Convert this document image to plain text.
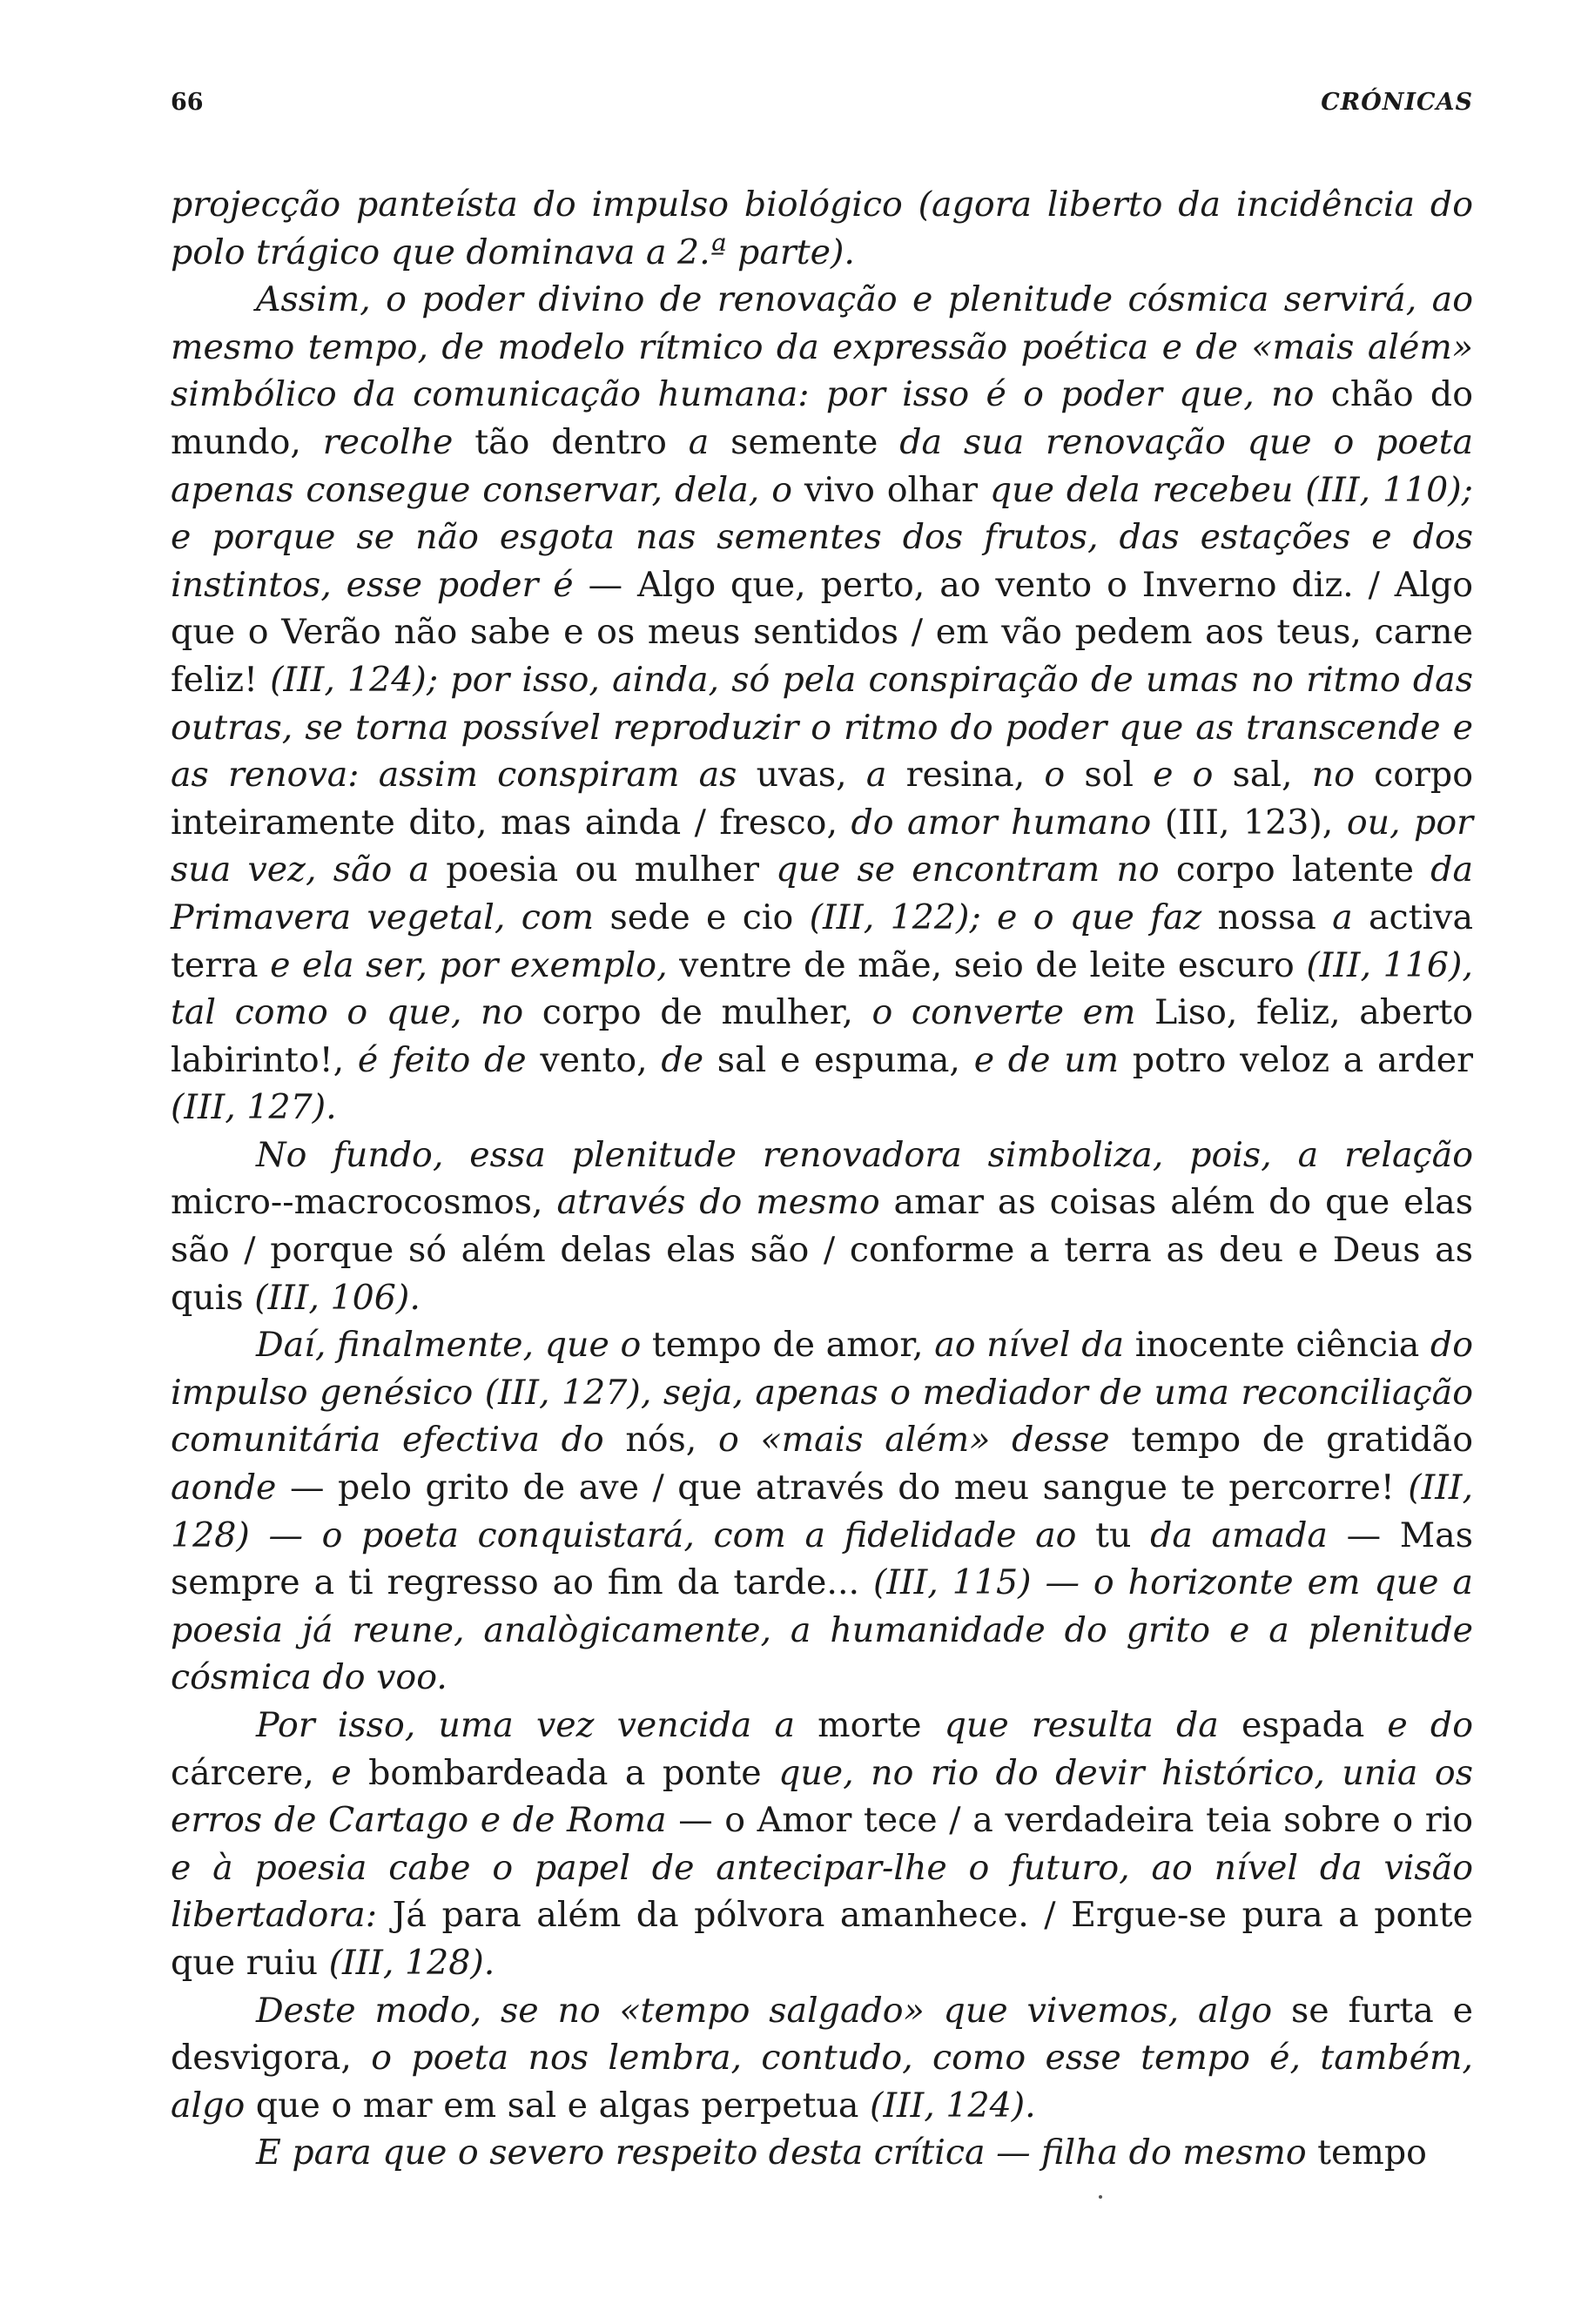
66	CRÓNICAS

projecção panteísta do impulso biológico (agora liberto da incidência do polo trágico que dominava a 2.ª parte).

Assim, o poder divino de renovação e plenitude cósmica servirá, ao mesmo tempo, de modelo rítmico da expressão poética e de «mais além» simbólico da comunicação humana: por isso é o poder que, no chão do mundo, recolhe tão dentro a semente da sua renovação que o poeta apenas consegue conservar, dela, o vivo olhar que dela recebeu (III, 110); e porque se não esgota nas sementes dos frutos, das estações e dos instintos, esse poder é — Algo que, perto, ao vento o Inverno diz. / Algo que o Verão não sabe e os meus sentidos / em vão pedem aos teus, carne feliz! (III, 124); por isso, ainda, só pela conspiração de umas no ritmo das outras, se torna possível reproduzir o ritmo do poder que as transcende e as renova: assim conspiram as uvas, a resina, o sol e o sal, no corpo inteiramente dito, mas ainda / fresco, do amor humano (III, 123), ou, por sua vez, são a poesia ou mulher que se encontram no corpo latente da Primavera vegetal, com sede e cio (III, 122); e o que faz nossa a activa terra e ela ser, por exemplo, ventre de mãe, seio de leite escuro (III, 116), tal como o que, no corpo de mulher, o converte em Liso, feliz, aberto labirinto!, é feito de vento, de sal e espuma, e de um potro veloz a arder (III, 127).

No fundo, essa plenitude renovadora simboliza, pois, a relação micro--macrocosmos, através do mesmo amar as coisas além do que elas são / porque só além delas elas são / conforme a terra as deu e Deus as quis (III, 106).

Daí, finalmente, que o tempo de amor, ao nível da inocente ciência do impulso genésico (III, 127), seja, apenas o mediador de uma reconciliação comunitária efectiva do nós, o «mais além» desse tempo de gratidão aonde — pelo grito de ave / que através do meu sangue te percorre! (III, 128) — o poeta conquistará, com a fidelidade ao tu da amada — Mas sempre a ti regresso ao fim da tarde... (III, 115) — o horizonte em que a poesia já reune, analògicamente, a humanidade do grito e a plenitude cósmica do voo.

Por isso, uma vez vencida a morte que resulta da espada e do cárcere, e bombardeada a ponte que, no rio do devir histórico, unia os erros de Cartago e de Roma — o Amor tece / a verdadeira teia sobre o rio e à poesia cabe o papel de antecipar-lhe o futuro, ao nível da visão libertadora: Já para além da pólvora amanhece. / Ergue-se pura a ponte que ruiu (III, 128).

Deste modo, se no «tempo salgado» que vivemos, algo se furta e desvigora, o poeta nos lembra, contudo, como esse tempo é, também, algo que o mar em sal e algas perpetua (III, 124).

E para que o severo respeito desta crítica — filha do mesmo tempo
